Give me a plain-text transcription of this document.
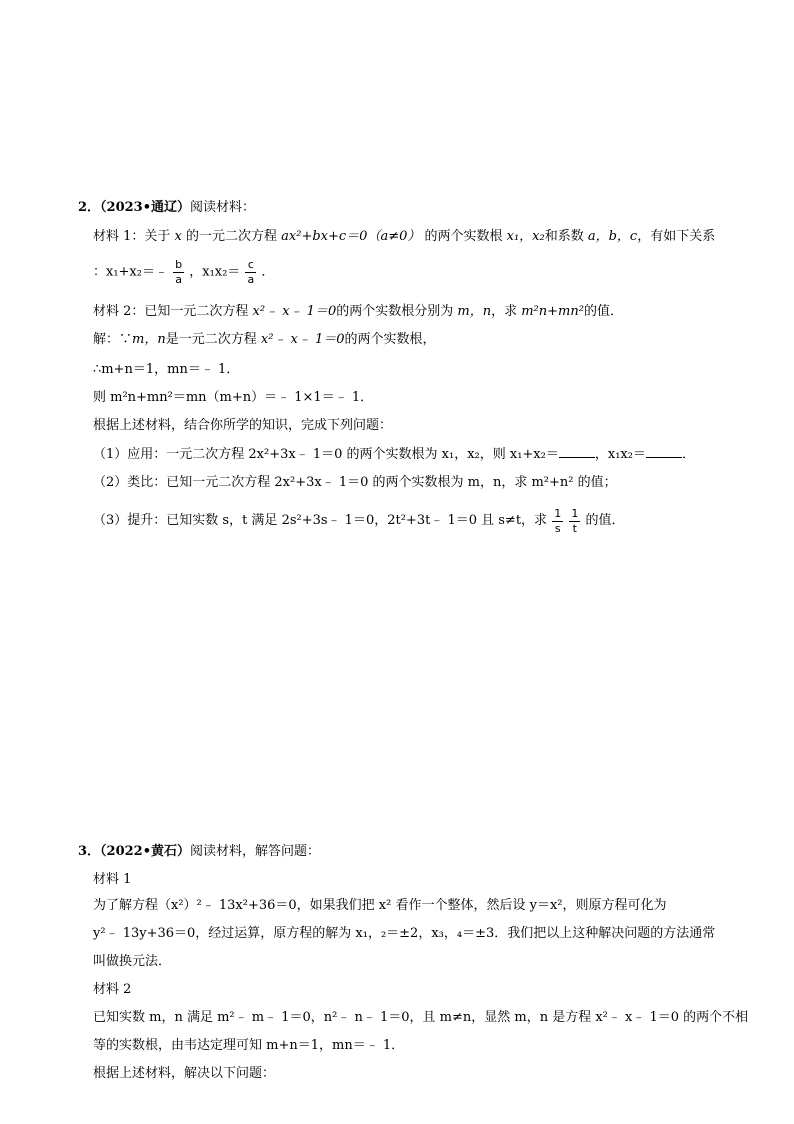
2．（2023•通辽）阅读材料：
材料 1：关于 x 的一元二次方程 ax²+bx+c＝0（a≠0） 的两个实数根 x₁，x₂和系数 a，b，c，有如下关系
：x₁+x₂＝﹣ $\frac{b}{a}$ ，$x_1x_2= \frac{c}{a}$ ．
材料 2：已知一元二次方程 x²﹣ x﹣ 1＝0的两个实数根分别为 m，n，求 m²n+mn²的值．
解：∵m，n是一元二次方程 x²﹣ x﹣ 1＝0的两个实数根，
∴m+n＝1，mn＝﹣ 1．
则 m²n+mn²＝mn（m+n）＝﹣ 1×1＝﹣ 1．
根据上述材料，结合你所学的知识，完成下列问题：
（1）应用：一元二次方程 2x²+3x﹣ 1＝0 的两个实数根为 x₁，x₂，则 x₁+x₂＝	，x₁x₂＝	．
（2）类比：已知一元二次方程 2x²+3x﹣ 1＝0 的两个实数根为 m，n，求 m²+n² 的值；
（3）提升：已知实数 s，t 满足 2s²+3s﹣ 1＝0，2t²+3t﹣ 1＝0 且 s≠t，求 $\frac{1}{s}$
$\frac{1}{t}$ 的值．
3．（2022•黄石）阅读材料，解答问题：
材料 1
为了解方程（x²）²﹣ 13x²+36＝0，如果我们把 x² 看作一个整体，然后设 y＝x²，则原方程可化为
y²﹣ 13y+36＝0，经过运算，原方程的解为 x₁，₂＝±2，x₃，₄＝±3．我们把以上这种解决问题的方法通常
叫做换元法．
材料 2
已知实数 m，n 满足 m²﹣ m﹣ 1＝0，n²﹣ n﹣ 1＝0，且 m≠n，显然 m，n 是方程 x²﹣ x﹣ 1＝0 的两个不相
等的实数根，由韦达定理可知 m+n＝1，mn＝﹣ 1．
根据上述材料，解决以下问题：
